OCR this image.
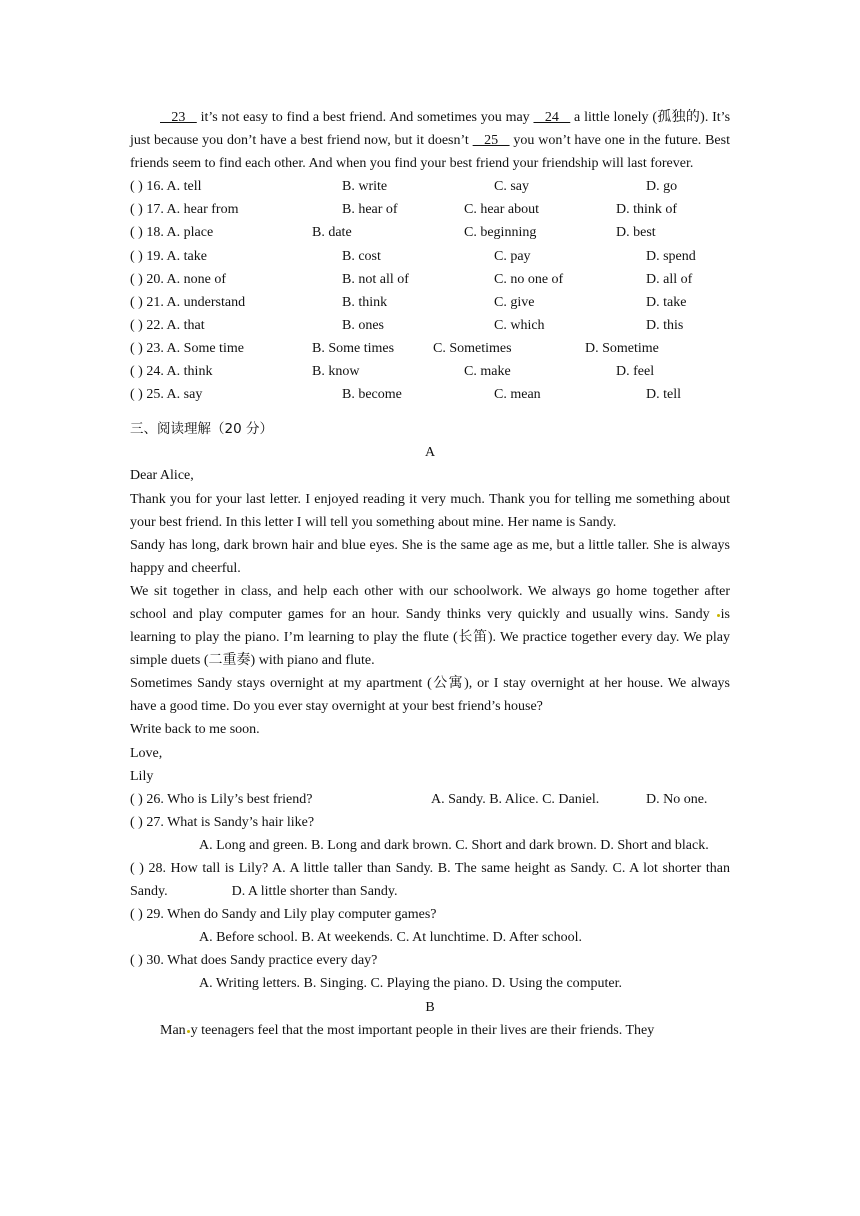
23    it’s not easy to find a best friend. And sometimes you may    24    a little lonely (孤独的). It’s just because you don’t have a best friend now, but it doesn’t    25    you won’t have one in the future. Best friends seem to find each other. And when you find your best friend your friendship will last forever.

( ) 16. A. tell	B. write	C. say	D. go
( ) 17. A. hear from	B. hear of	C. hear about	D. think of
( ) 18. A. place	B. date	C. beginning	D. best
( ) 19. A. take	B. cost	C. pay	D. spend
( ) 20. A. none of	B. not all of	C. no one of	D. all of
( ) 21. A. understand	B. think	C. give	D. take
( ) 22. A. that	B. ones	C. which	D. this
( ) 23. A. Some time	B. Some times	C. Sometimes	D. Sometime
( ) 24. A. think	B. know	C. make	D. feel
( ) 25. A. say	B. become	C. mean	D. tell

三、阅读理解（20 分）

A

Dear Alice,

Thank you for your last letter. I enjoyed reading it very much. Thank you for telling me something about your best friend. In this letter I will tell you something about mine. Her name is Sandy.

Sandy has long, dark brown hair and blue eyes. She is the same age as me, but a little taller. She is always happy and cheerful.

We sit together in class, and help each other with our schoolwork. We always go home together after school and play computer games for an hour. Sandy thinks very quickly and usually wins. Sandy is learning to play the piano. I’m learning to play the flute (长笛). We practice together every day. We play simple duets (二重奏) with piano and flute.

Sometimes Sandy stays overnight at my apartment (公寓), or I stay overnight at her house. We always have a good time. Do you ever stay overnight at your best friend’s house?

Write back to me soon.

Love,

Lily

( ) 26. Who is Lily’s best friend?	A. Sandy. B. Alice. C. Daniel.	D. No one.

( ) 27. What is Sandy’s hair like?

A. Long and green. B. Long and dark brown. C. Short and dark brown. D. Short and black.

( ) 28. How tall is Lily? A. A little taller than Sandy. B. The same height as Sandy. C. A lot shorter than Sandy.	D. A little shorter than Sandy.

( ) 29. When do Sandy and Lily play computer games?

A. Before school. B. At weekends. C. At lunchtime. D. After school.

( ) 30. What does Sandy practice every day?

A. Writing letters. B. Singing. C. Playing the piano. D. Using the computer.

B

Man y teenagers feel that the most important people in their lives are their friends. They
